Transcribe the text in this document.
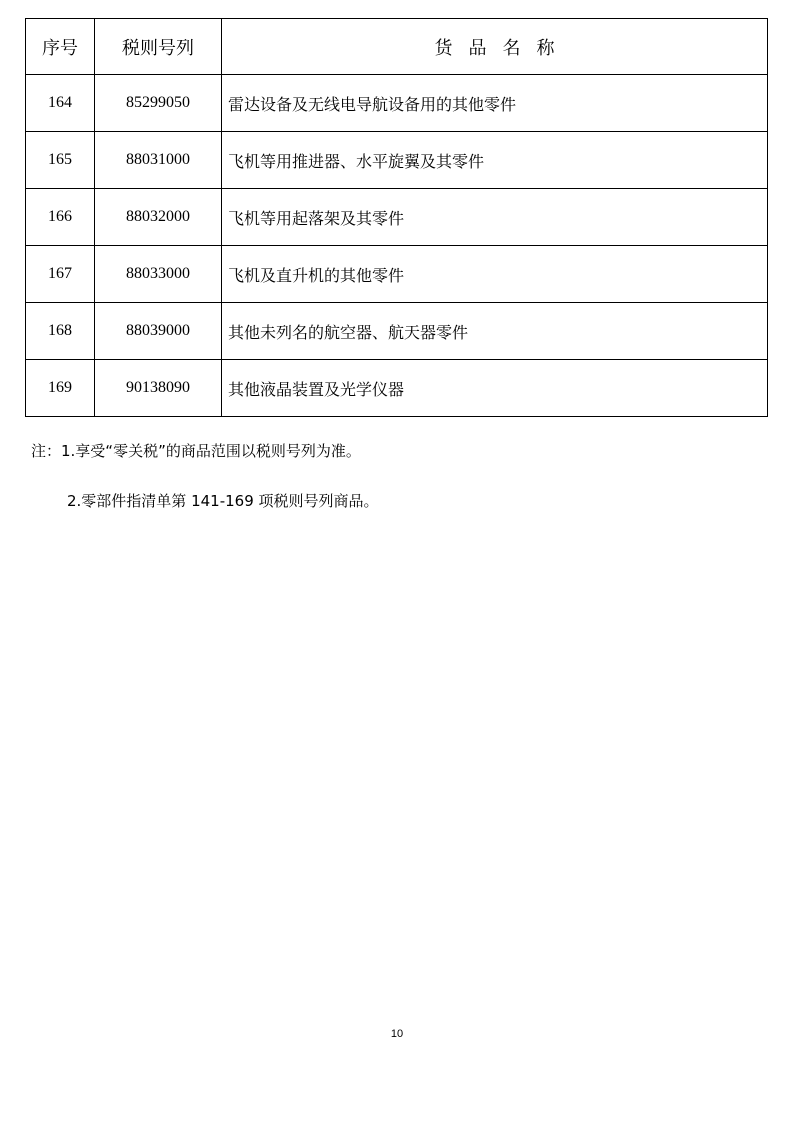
序号	税则号列	货品名称
164	85299050	雷达设备及无线电导航设备用的其他零件
165	88031000	飞机等用推进器、水平旋翼及其零件
166	88032000	飞机等用起落架及其零件
167	88033000	飞机及直升机的其他零件
168	88039000	其他未列名的航空器、航天器零件
169	90138090	其他液晶装置及光学仪器
注：1.享受“零关税”的商品范围以税则号列为准。
2.零部件指清单第 141-169 项税则号列商品。
10
